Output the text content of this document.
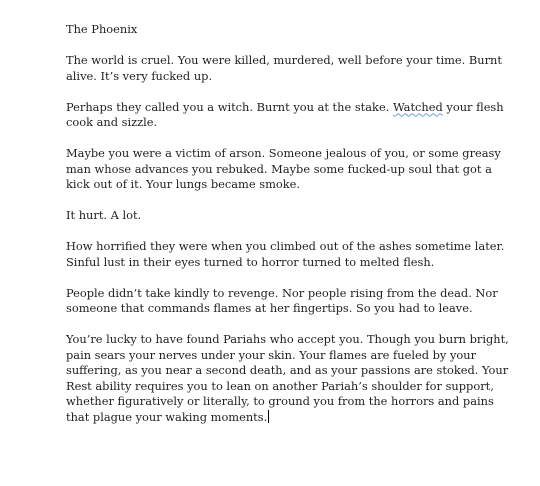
The Phoenix

The world is cruel. You were killed, murdered, well before your time. Burnt alive. It’s very fucked up.

Perhaps they called you a witch. Burnt you at the stake. Watched your flesh cook and sizzle.

Maybe you were a victim of arson. Someone jealous of you, or some greasy man whose advances you rebuked. Maybe some fucked-up soul that got a kick out of it. Your lungs became smoke.

It hurt. A lot.

How horrified they were when you climbed out of the ashes sometime later. Sinful lust in their eyes turned to horror turned to melted flesh.

People didn’t take kindly to revenge. Nor people rising from the dead. Nor someone that commands flames at her fingertips. So you had to leave.

You’re lucky to have found Pariahs who accept you. Though you burn bright, pain sears your nerves under your skin. Your flames are fueled by your suffering, as you near a second death, and as your passions are stoked. Your Rest ability requires you to lean on another Pariah’s shoulder for support, whether figuratively or literally, to ground you from the horrors and pains that plague your waking moments.
